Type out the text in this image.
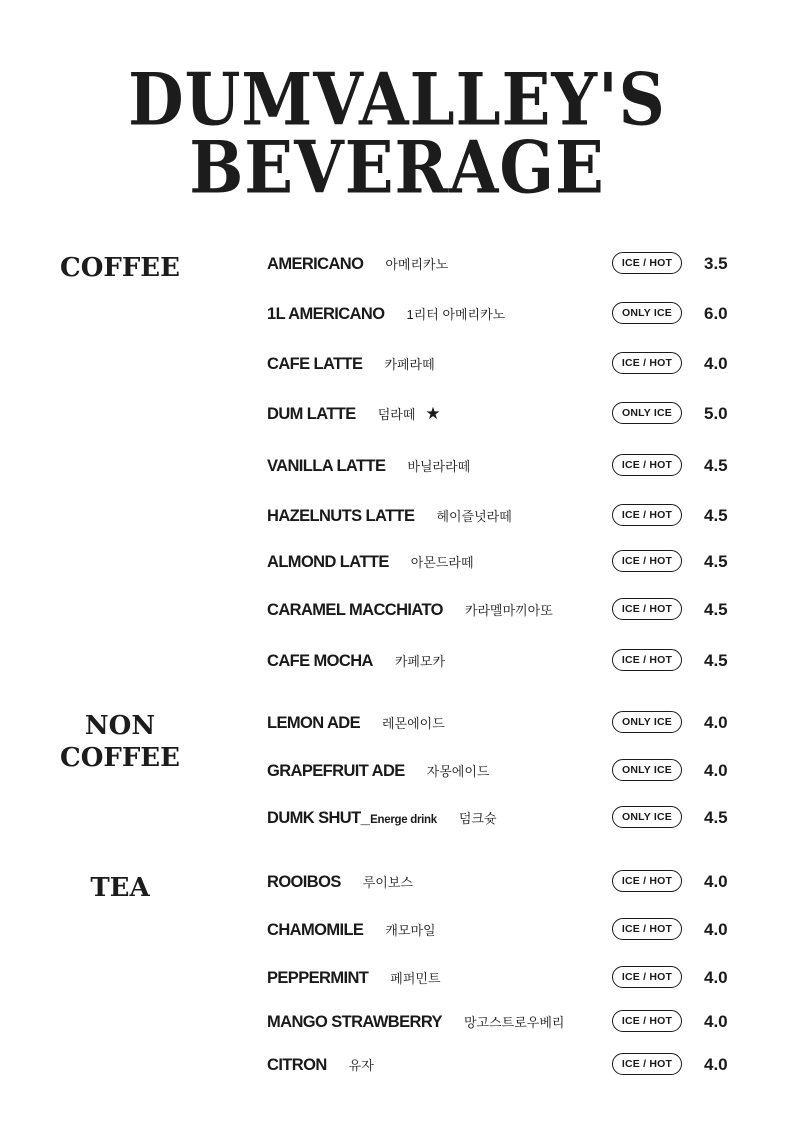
DUMVALLEY'S
BEVERAGE
COFFEE
NON
COFFEE
TEA
AMERICANO 아메리카노	ICE / HOT	3.5
1L AMERICANO 1리터 아메리카노	ONLY ICE	6.0
CAFE LATTE 카페라떼	ICE / HOT	4.0
DUM LATTE 덤라떼 ★	ONLY ICE	5.0
VANILLA LATTE 바닐라라떼	ICE / HOT	4.5
HAZELNUTS LATTE 헤이즐넛라떼	ICE / HOT	4.5
ALMOND LATTE 아몬드라떼	ICE / HOT	4.5
CARAMEL MACCHIATO 카라멜마끼아또	ICE / HOT	4.5
CAFE MOCHA 카페모카	ICE / HOT	4.5
LEMON ADE 레몬에이드	ONLY ICE	4.0
GRAPEFRUIT ADE 자몽에이드	ONLY ICE	4.0
DUMK SHUT_Energe drink 덤크슛	ONLY ICE	4.5
ROOIBOS 루이보스	ICE / HOT	4.0
CHAMOMILE 캐모마일	ICE / HOT	4.0
PEPPERMINT 페퍼민트	ICE / HOT	4.0
MANGO STRAWBERRY 망고스트로우베리	ICE / HOT	4.0
CITRON 유자	ICE / HOT	4.0
